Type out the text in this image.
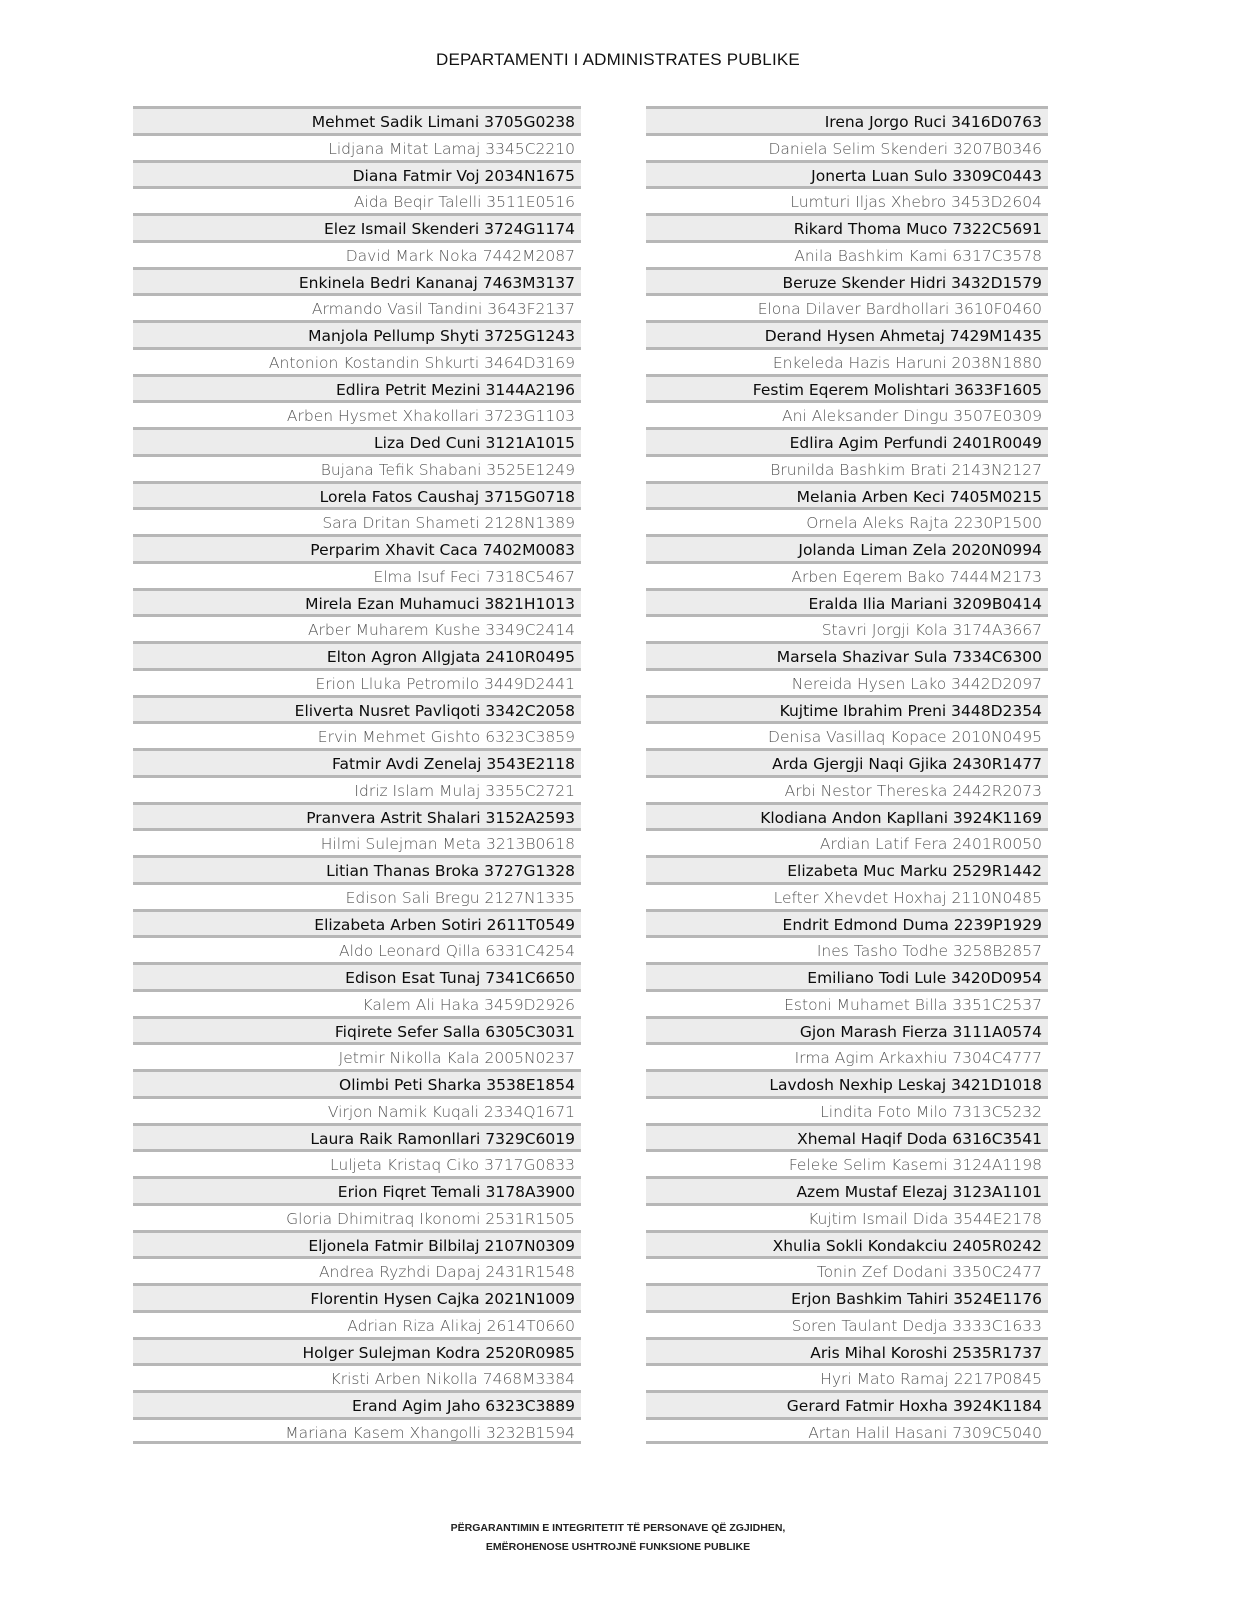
DEPARTAMENTI I ADMINISTRATES PUBLIKE
Mehmet Sadik Limani 3705G0238
Lidjana Mitat Lamaj 3345C2210
Diana Fatmir Voj 2034N1675
Aida Beqir Talelli 3511E0516
Elez Ismail Skenderi 3724G1174
David Mark Noka 7442M2087
Enkinela Bedri Kananaj 7463M3137
Armando Vasil Tandini 3643F2137
Manjola Pellump Shyti 3725G1243
Antonion Kostandin Shkurti 3464D3169
Edlira Petrit Mezini 3144A2196
Arben Hysmet Xhakollari 3723G1103
Liza Ded Cuni 3121A1015
Bujana Tefik Shabani 3525E1249
Lorela Fatos Caushaj 3715G0718
Sara Dritan Shameti 2128N1389
Perparim Xhavit Caca 7402M0083
Elma Isuf Feci 7318C5467
Mirela Ezan Muhamuci 3821H1013
Arber Muharem Kushe 3349C2414
Elton Agron Allgjata 2410R0495
Erion Lluka Petromilo 3449D2441
Eliverta Nusret Pavliqoti 3342C2058
Ervin Mehmet Gishto 6323C3859
Fatmir Avdi Zenelaj 3543E2118
Idriz Islam Mulaj 3355C2721
Pranvera Astrit Shalari 3152A2593
Hilmi Sulejman Meta 3213B0618
Litian Thanas Broka 3727G1328
Edison Sali Bregu 2127N1335
Elizabeta Arben Sotiri 2611T0549
Aldo Leonard Qilla 6331C4254
Edison Esat Tunaj 7341C6650
Kalem Ali Haka 3459D2926
Fiqirete Sefer Salla 6305C3031
Jetmir Nikolla Kala 2005N0237
Olimbi Peti Sharka 3538E1854
Virjon Namik Kuqali 2334Q1671
Laura Raik Ramonllari 7329C6019
Luljeta Kristaq Ciko 3717G0833
Erion Fiqret Temali 3178A3900
Gloria Dhimitraq Ikonomi 2531R1505
Eljonela Fatmir Bilbilaj 2107N0309
Andrea Ryzhdi Dapaj 2431R1548
Florentin Hysen Cajka 2021N1009
Adrian Riza Alikaj 2614T0660
Holger Sulejman Kodra 2520R0985
Kristi Arben Nikolla 7468M3384
Erand Agim Jaho 6323C3889
Mariana Kasem Xhangolli 3232B1594
Irena Jorgo Ruci 3416D0763
Daniela Selim Skenderi 3207B0346
Jonerta Luan Sulo 3309C0443
Lumturi Iljas Xhebro 3453D2604
Rikard Thoma Muco 7322C5691
Anila Bashkim Kami 6317C3578
Beruze Skender Hidri 3432D1579
Elona Dilaver Bardhollari 3610F0460
Derand Hysen Ahmetaj 7429M1435
Enkeleda Hazis Haruni 2038N1880
Festim Eqerem Molishtari 3633F1605
Ani Aleksander Dingu 3507E0309
Edlira Agim Perfundi 2401R0049
Brunilda Bashkim Brati 2143N2127
Melania Arben Keci 7405M0215
Ornela Aleks Rajta 2230P1500
Jolanda Liman Zela 2020N0994
Arben Eqerem Bako 7444M2173
Eralda Ilia Mariani 3209B0414
Stavri Jorgji Kola 3174A3667
Marsela Shazivar Sula 7334C6300
Nereida Hysen Lako 3442D2097
Kujtime Ibrahim Preni 3448D2354
Denisa Vasillaq Kopace 2010N0495
Arda Gjergji Naqi Gjika 2430R1477
Arbi Nestor Thereska 2442R2073
Klodiana Andon Kapllani 3924K1169
Ardian Latif Fera 2401R0050
Elizabeta Muc Marku 2529R1442
Lefter Xhevdet Hoxhaj 2110N0485
Endrit Edmond Duma 2239P1929
Ines Tasho Todhe 3258B2857
Emiliano Todi Lule 3420D0954
Estoni Muhamet Billa 3351C2537
Gjon Marash Fierza 3111A0574
Irma Agim Arkaxhiu 7304C4777
Lavdosh Nexhip Leskaj 3421D1018
Lindita Foto Milo 7313C5232
Xhemal Haqif Doda 6316C3541
Feleke Selim Kasemi 3124A1198
Azem Mustaf Elezaj 3123A1101
Kujtim Ismail Dida 3544E2178
Xhulia Sokli Kondakciu 2405R0242
Tonin Zef Dodani 3350C2477
Erjon Bashkim Tahiri 3524E1176
Soren Taulant Dedja 3333C1633
Aris Mihal Koroshi 2535R1737
Hyri Mato Ramaj 2217P0845
Gerard Fatmir Hoxha 3924K1184
Artan Halil Hasani 7309C5040
PËRGARANTIMIN E INTEGRITETIT TË PERSONAVE QË ZGJIDHEN,
EMËROHENOSE USHTROJNË FUNKSIONE PUBLIKE
